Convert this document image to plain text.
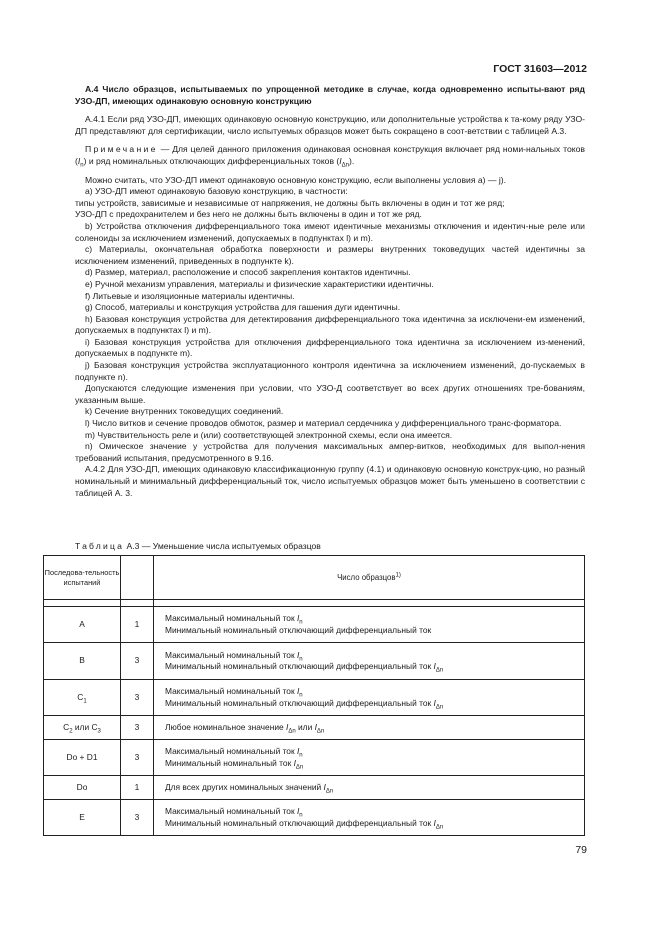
ГОСТ 31603—2012

А.4 Число образцов, испытываемых по упрощенной методике в случае, когда одновременно испыты-вают ряд УЗО-ДП, имеющих одинаковую основную конструкцию

А.4.1 Если ряд УЗО-ДП, имеющих одинаковую основную конструкцию, или дополнительные устройства к та-кому ряду УЗО-ДП представляют для сертификации, число испытуемых образцов может быть сокращено в соот-ветствии с таблицей А.3.

Примечание — Для целей данного приложения одинаковая основная конструкция включает ряд номи-нальных токов $(I_n)$ и ряд номинальных отключающих дифференциальных токов $(I_{\Delta n})$.

Можно считать, что УЗО-ДП имеют одинаковую основную конструкцию, если выполнены условия а) — j).

а) УЗО-ДП имеют одинаковую базовую конструкцию, в частности:

типы устройств, зависимые и независимые от напряжения, не должны быть включены в один и тот же ряд;

УЗО-ДП с предохранителем и без него не должны быть включены в один и тот же ряд.

b) Устройства отключения дифференциального тока имеют идентичные механизмы отключения и идентич-ные реле или соленоиды за исключением изменений, допускаемых в подпунктах l) и m).

c) Материалы, окончательная обработка поверхности и размеры внутренних токоведущих частей идентичны за исключением изменений, приведенных в подпункте k).

d) Размер, материал, расположение и способ закрепления контактов идентичны.

e) Ручной механизм управления, материалы и физические характеристики идентичны.

f) Литьевые и изоляционные материалы идентичны.

g) Способ, материалы и конструкция устройства для гашения дуги идентичны.

h) Базовая конструкция устройства для детектирования дифференциального тока идентична за исключени-ем изменений, допускаемых в подпунктах l) и m).

i) Базовая конструкция устройства для отключения дифференциального тока идентична за исключением из-менений, допускаемых в подпункте m).

j) Базовая конструкция устройства эксплуатационного контроля идентична за исключением изменений, до-пускаемых в подпункте n).

Допускаются следующие изменения при условии, что УЗО-Д соответствует во всех других отношениях тре-бованиям, указанным выше.

k) Сечение внутренних токоведущих соединений.

l) Число витков и сечение проводов обмоток, размер и материал сердечника у дифференциального транс-форматора.

m) Чувствительность реле и (или) соответствующей электронной схемы, если она имеется.

n) Омическое значение у устройства для получения максимальных ампер-витков, необходимых для выпол-нения требований испытания, предусмотренного в 9.16.

А.4.2 Для УЗО-ДП, имеющих одинаковую классификационную группу (4.1) и одинаковую основную конструк-цию, но разный номинальный и минимальный дифференциальный ток, число испытуемых образцов может быть уменьшено в соответствии с таблицей А. 3.

Таблица А.3 — Уменьшение числа испытуемых образцов
Последова-тельность испытаний		Число образцов$^{1)}$

A	1	Максимальный номинальный ток $I_n$
Минимальный номинальный отключающий дифференциальный ток

B	3	Максимальный номинальный ток $I_n$
Минимальный номинальный отключающий дифференциальный ток $I_{\Delta n}$

$C_1$	3	Максимальный номинальный ток $I_n$
Минимальный номинальный отключающий дифференциальный ток $I_{\Delta n}$

$C_2$ или $C_3$	3	Любое номинальное значение $I_{\Delta n}$ или $I_{\Delta n}$
Do + D1	3	Максимальный номинальный ток $I_n$
Минимальный номинальный ток $I_{\Delta n}$

Do	1	Для всех других номинальных значений $I_{\Delta n}$
E	3	Максимальный номинальный ток $I_n$
Минимальный номинальный отключающий дифференциальный ток $I_{\Delta n}$
79
